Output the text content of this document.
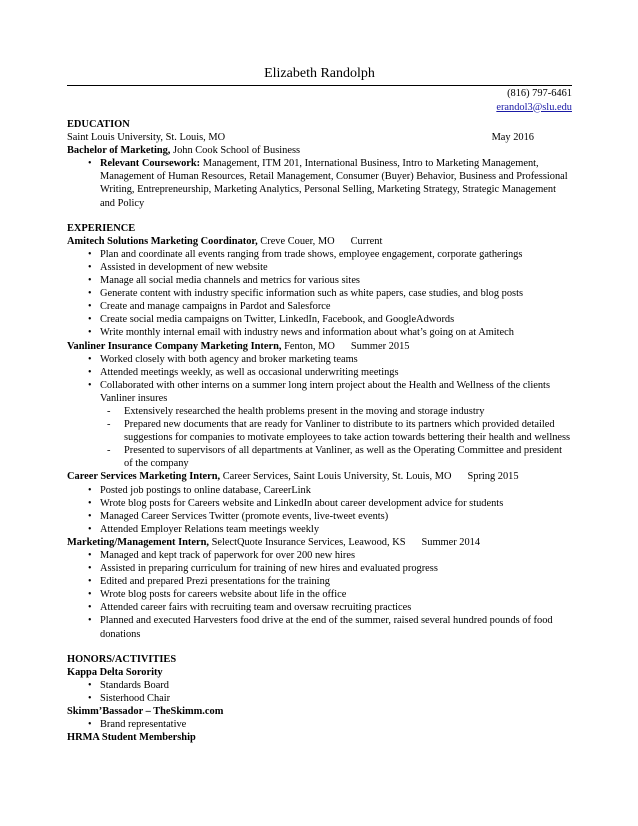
Elizabeth Randolph
(816) 797-6461
erandol3@slu.edu
EDUCATION
Saint Louis University, St. Louis, MO	May 2016
Bachelor of Marketing, John Cook School of Business
• Relevant Coursework: Management, ITM 201, International Business, Intro to Marketing Management, Management of Human Resources, Retail Management, Consumer (Buyer) Behavior, Business and Professional Writing, Entrepreneurship, Marketing Analytics, Personal Selling, Marketing Strategy, Strategic Management and Policy
EXPERIENCE
Amitech Solutions Marketing Coordinator, Creve Couer, MO Current
• Plan and coordinate all events ranging from trade shows, employee engagement, corporate gatherings
• Assisted in development of new website
• Manage all social media channels and metrics for various sites
• Generate content with industry specific information such as white papers, case studies, and blog posts
• Create and manage campaigns in Pardot and Salesforce
• Create social media campaigns on Twitter, LinkedIn, Facebook, and GoogleAdwords
• Write monthly internal email with industry news and information about what’s going on at Amitech
Vanliner Insurance Company Marketing Intern, Fenton, MO Summer 2015
• Worked closely with both agency and broker marketing teams
• Attended meetings weekly, as well as occasional underwriting meetings
• Collaborated with other interns on a summer long intern project about the Health and Wellness of the clients Vanliner insures
- Extensively researched the health problems present in the moving and storage industry
- Prepared new documents that are ready for Vanliner to distribute to its partners which provided detailed suggestions for companies to motivate employees to take action towards bettering their health and wellness
- Presented to supervisors of all departments at Vanliner, as well as the Operating Committee and president of the company
Career Services Marketing Intern, Career Services, Saint Louis University, St. Louis, MO Spring 2015
• Posted job postings to online database, CareerLink
• Wrote blog posts for Careers website and LinkedIn about career development advice for students
• Managed Career Services Twitter (promote events, live-tweet events)
• Attended Employer Relations team meetings weekly
Marketing/Management Intern, SelectQuote Insurance Services, Leawood, KS Summer 2014
• Managed and kept track of paperwork for over 200 new hires
• Assisted in preparing curriculum for training of new hires and evaluated progress
• Edited and prepared Prezi presentations for the training
• Wrote blog posts for careers website about life in the office
• Attended career fairs with recruiting team and oversaw recruiting practices
• Planned and executed Harvesters food drive at the end of the summer, raised several hundred pounds of food donations
HONORS/ACTIVITIES
Kappa Delta Sorority
• Standards Board
• Sisterhood Chair
Skimm’Bassador – TheSkimm.com
• Brand representative
HRMA Student Membership
